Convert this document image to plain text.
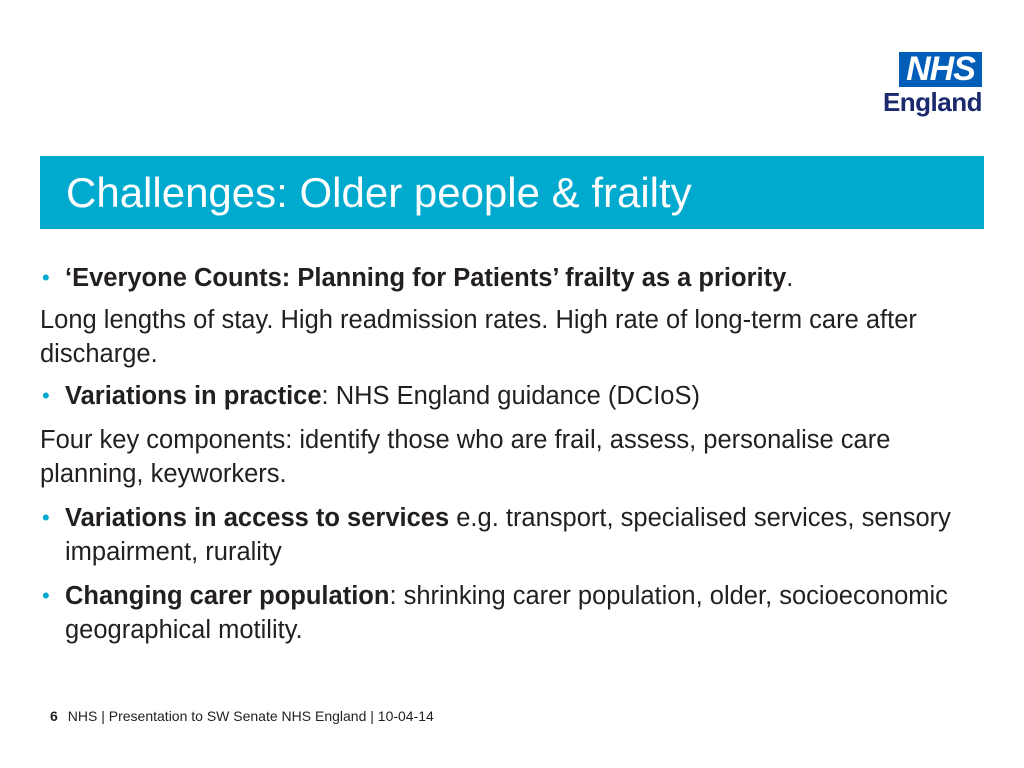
NHS
England
Challenges: Older people & frailty
• ‘Everyone Counts: Planning for Patients’ frailty as a priority.
Long lengths of stay. High readmission rates. High rate of long-term care after discharge.
• Variations in practice: NHS England guidance (DCIoS)
Four key components: identify those who are frail, assess, personalise care planning, keyworkers.
• Variations in access to services e.g. transport, specialised services, sensory impairment, rurality
• Changing carer population: shrinking carer population, older, socioeconomic geographical motility.
6 NHS | Presentation to SW Senate NHS England | 10-04-14
